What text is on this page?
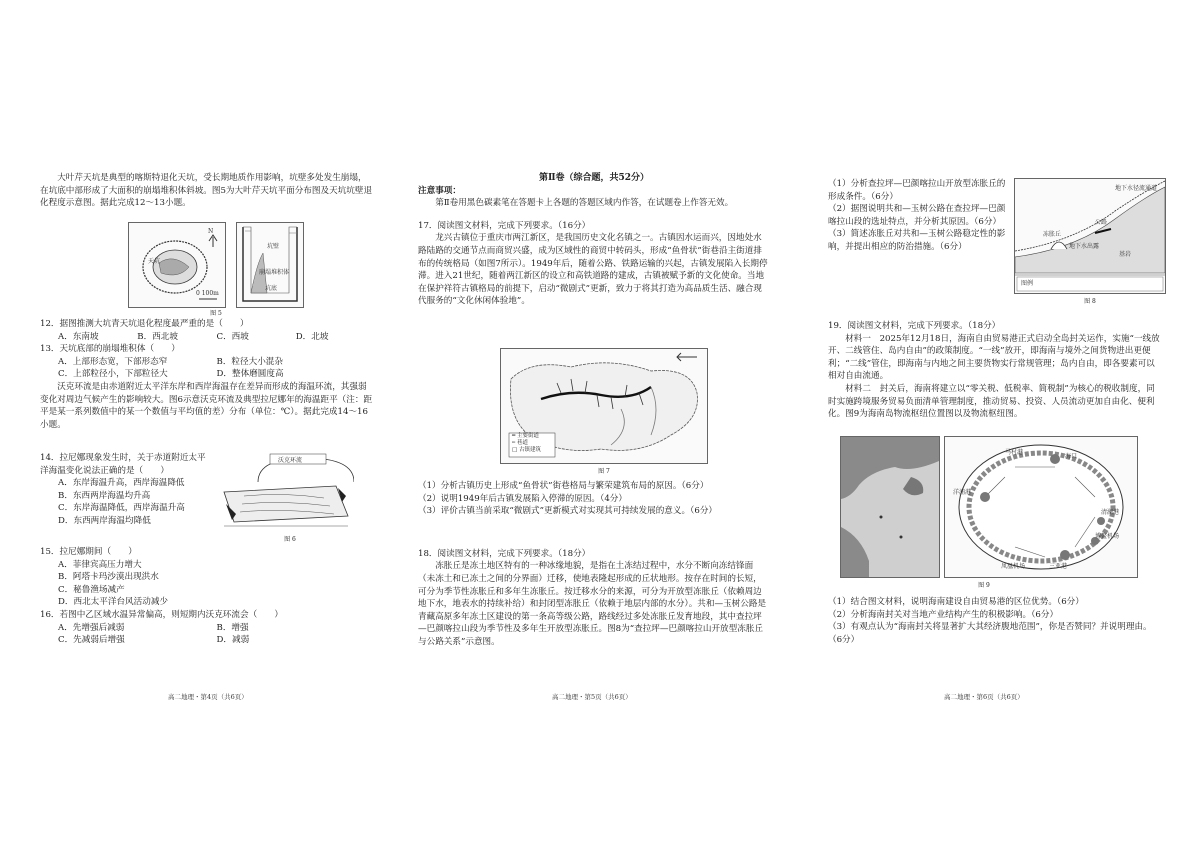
大叶芹天坑是典型的喀斯特退化天坑，受长期地质作用影响，坑壁多处发生崩塌，在坑底中部形成了大面积的崩塌堆积体斜坡。图5为大叶芹天坑平面分布图及天坑坑壁退化程度示意图。据此完成12～13小题。

坑壁
崩塌堆积体
坑底
N
天坑
0 100m
图 5

12．据图推测大坑青天坑退化程度最严重的是（　　）

A．东南坡	B．西北坡	C．西坡	D．北坡

13．天坑底部的崩塌堆积体（　　）

A．上部形态宽，下部形态窄	B．粒径大小混杂
C．上部粒径小，下部粒径大	D．整体磨圆度高

沃克环流是由赤道附近太平洋东岸和西岸海温存在差异而形成的海温环流，其强弱变化对周边气候产生的影响较大。图6示意沃克环流及典型拉尼娜年的海温距平（注：距平是某一系列数值中的某一个数值与平均值的差）分布（单位：℃）。据此完成14～16小题。

14．拉尼娜现象发生时，关于赤道附近太平洋海温变化说法正确的是（　　）

A．东岸海温升高，西岸海温降低

B．东西两岸海温均升高

C．东岸海温降低，西岸海温升高

D．东西两岸海温均降低

沃克环流
图 6

15．拉尼娜期间（　　）

A．菲律宾高压力增大

B．阿塔卡玛沙漠出现洪水

C．秘鲁渔场减产

D．西北太平洋台风活动减少

16．若图中乙区域水温异常偏高，则短期内沃克环流会（　　）

A．先增强后减弱	B．增强
C．先减弱后增强	D．减弱
高二地理・第4页（共6页）

第Ⅱ卷（综合题，共52分）

注意事项：

第Ⅱ卷用黑色碳素笔在答题卡上各题的答题区域内作答，在试题卷上作答无效。

17．阅读图文材料，完成下列要求。（16分）

龙兴古镇位于重庆市两江新区，是我国历史文化名镇之一。古镇因水运而兴，因地处水路陆路的交通节点而商贸兴盛，成为区域性的商贸中转码头，形成“鱼骨状”街巷沿主街道排布的传统格局（如图7所示）。1949年后，随着公路、铁路运输的兴起，古镇发展陷入长期停滞。进入21世纪，随着两江新区的设立和高铁道路的建成，古镇被赋予新的文化使命。当地在保护祥符古镇格局的前提下，启动“微剧式”更新，致力于将其打造为高品质生活、融合现代服务的“文化休闲体验地”。

━ 主要街道

┅ 巷道

□ 古镇建筑

图 7

（1）分析古镇历史上形成“鱼骨状”街巷格局与繁荣建筑布局的原因。（6分）

（2）说明1949年后古镇发展陷入停滞的原因。（4分）

（3）评价古镇当前采取“微剧式”更新模式对实现其可持续发展的意义。（6分）

18．阅读图文材料，完成下列要求。（18分）

冻胀丘是冻土地区特有的一种冰缘地貌，是指在土冻结过程中，水分不断向冻结锋面（未冻土和已冻土之间的分界面）迁移，使地表隆起形成的丘状地形。按存在时间的长短，可分为季节性冻胀丘和多年生冻胀丘。按迁移水分的来源，可分为开放型冻胀丘（依赖周边地下水，地表水的持续补给）和封闭型冻胀丘（依赖于地层内部的水分）。共和—玉树公路是青藏高原多年冻土区建设的第一条高等级公路，路线经过多处冻胀丘发育地段，其中查拉坪—巴颜喀拉山段为季节性及多年生开放型冻胀丘。图8为“查拉坪—巴颜喀拉山开放型冻胀丘与公路关系”示意图。

高二地理・第5页（共6页）

（1）分析查拉坪—巴颜喀拉山开放型冻胀丘的形成条件。（6分）

（2）据图说明共和—玉树公路在查拉坪—巴颜喀拉山段的选址特点，并分析其原因。（6分）

（3）简述冻胀丘对共和—玉树公路稳定性的影响，并提出相应的防治措施。（6分）

地下水径流通道
公路
冻胀丘
地下水出露
基岩
图例
图 8

19．阅读图文材料，完成下列要求。（18分）

材料一　2025年12月18日，海南自由贸易港正式启动全岛封关运作，实施“一线放开、二线管住、岛内自由”的政策制度。“一线”放开，即海南与境外之间货物进出更便利；“二线”管住，即海南与内地之间主要货物实行常规管理；岛内自由，即各要素可以相对自由流通。

材料二　封关后，海南将建立以“零关税、低税率、简税制”为核心的税收制度，同时实施跨境服务贸易负面清单管理制度，推动贸易、投资、人员流动更加自由化、便利化。图9为海南岛物流枢纽位置图以及物流枢纽图。

洋浦港
马村港
海口
清澜港
博鳌机场
三亚港
凤凰机场
图 9

（1）结合图文材料，说明海南建设自由贸易港的区位优势。（6分）

（2）分析海南封关对当地产业结构产生的积极影响。（6分）

（3）有观点认为“海南封关将显著扩大其经济腹地范围”，你是否赞同？并说明理由。（6分）

高二地理・第6页（共6页）
